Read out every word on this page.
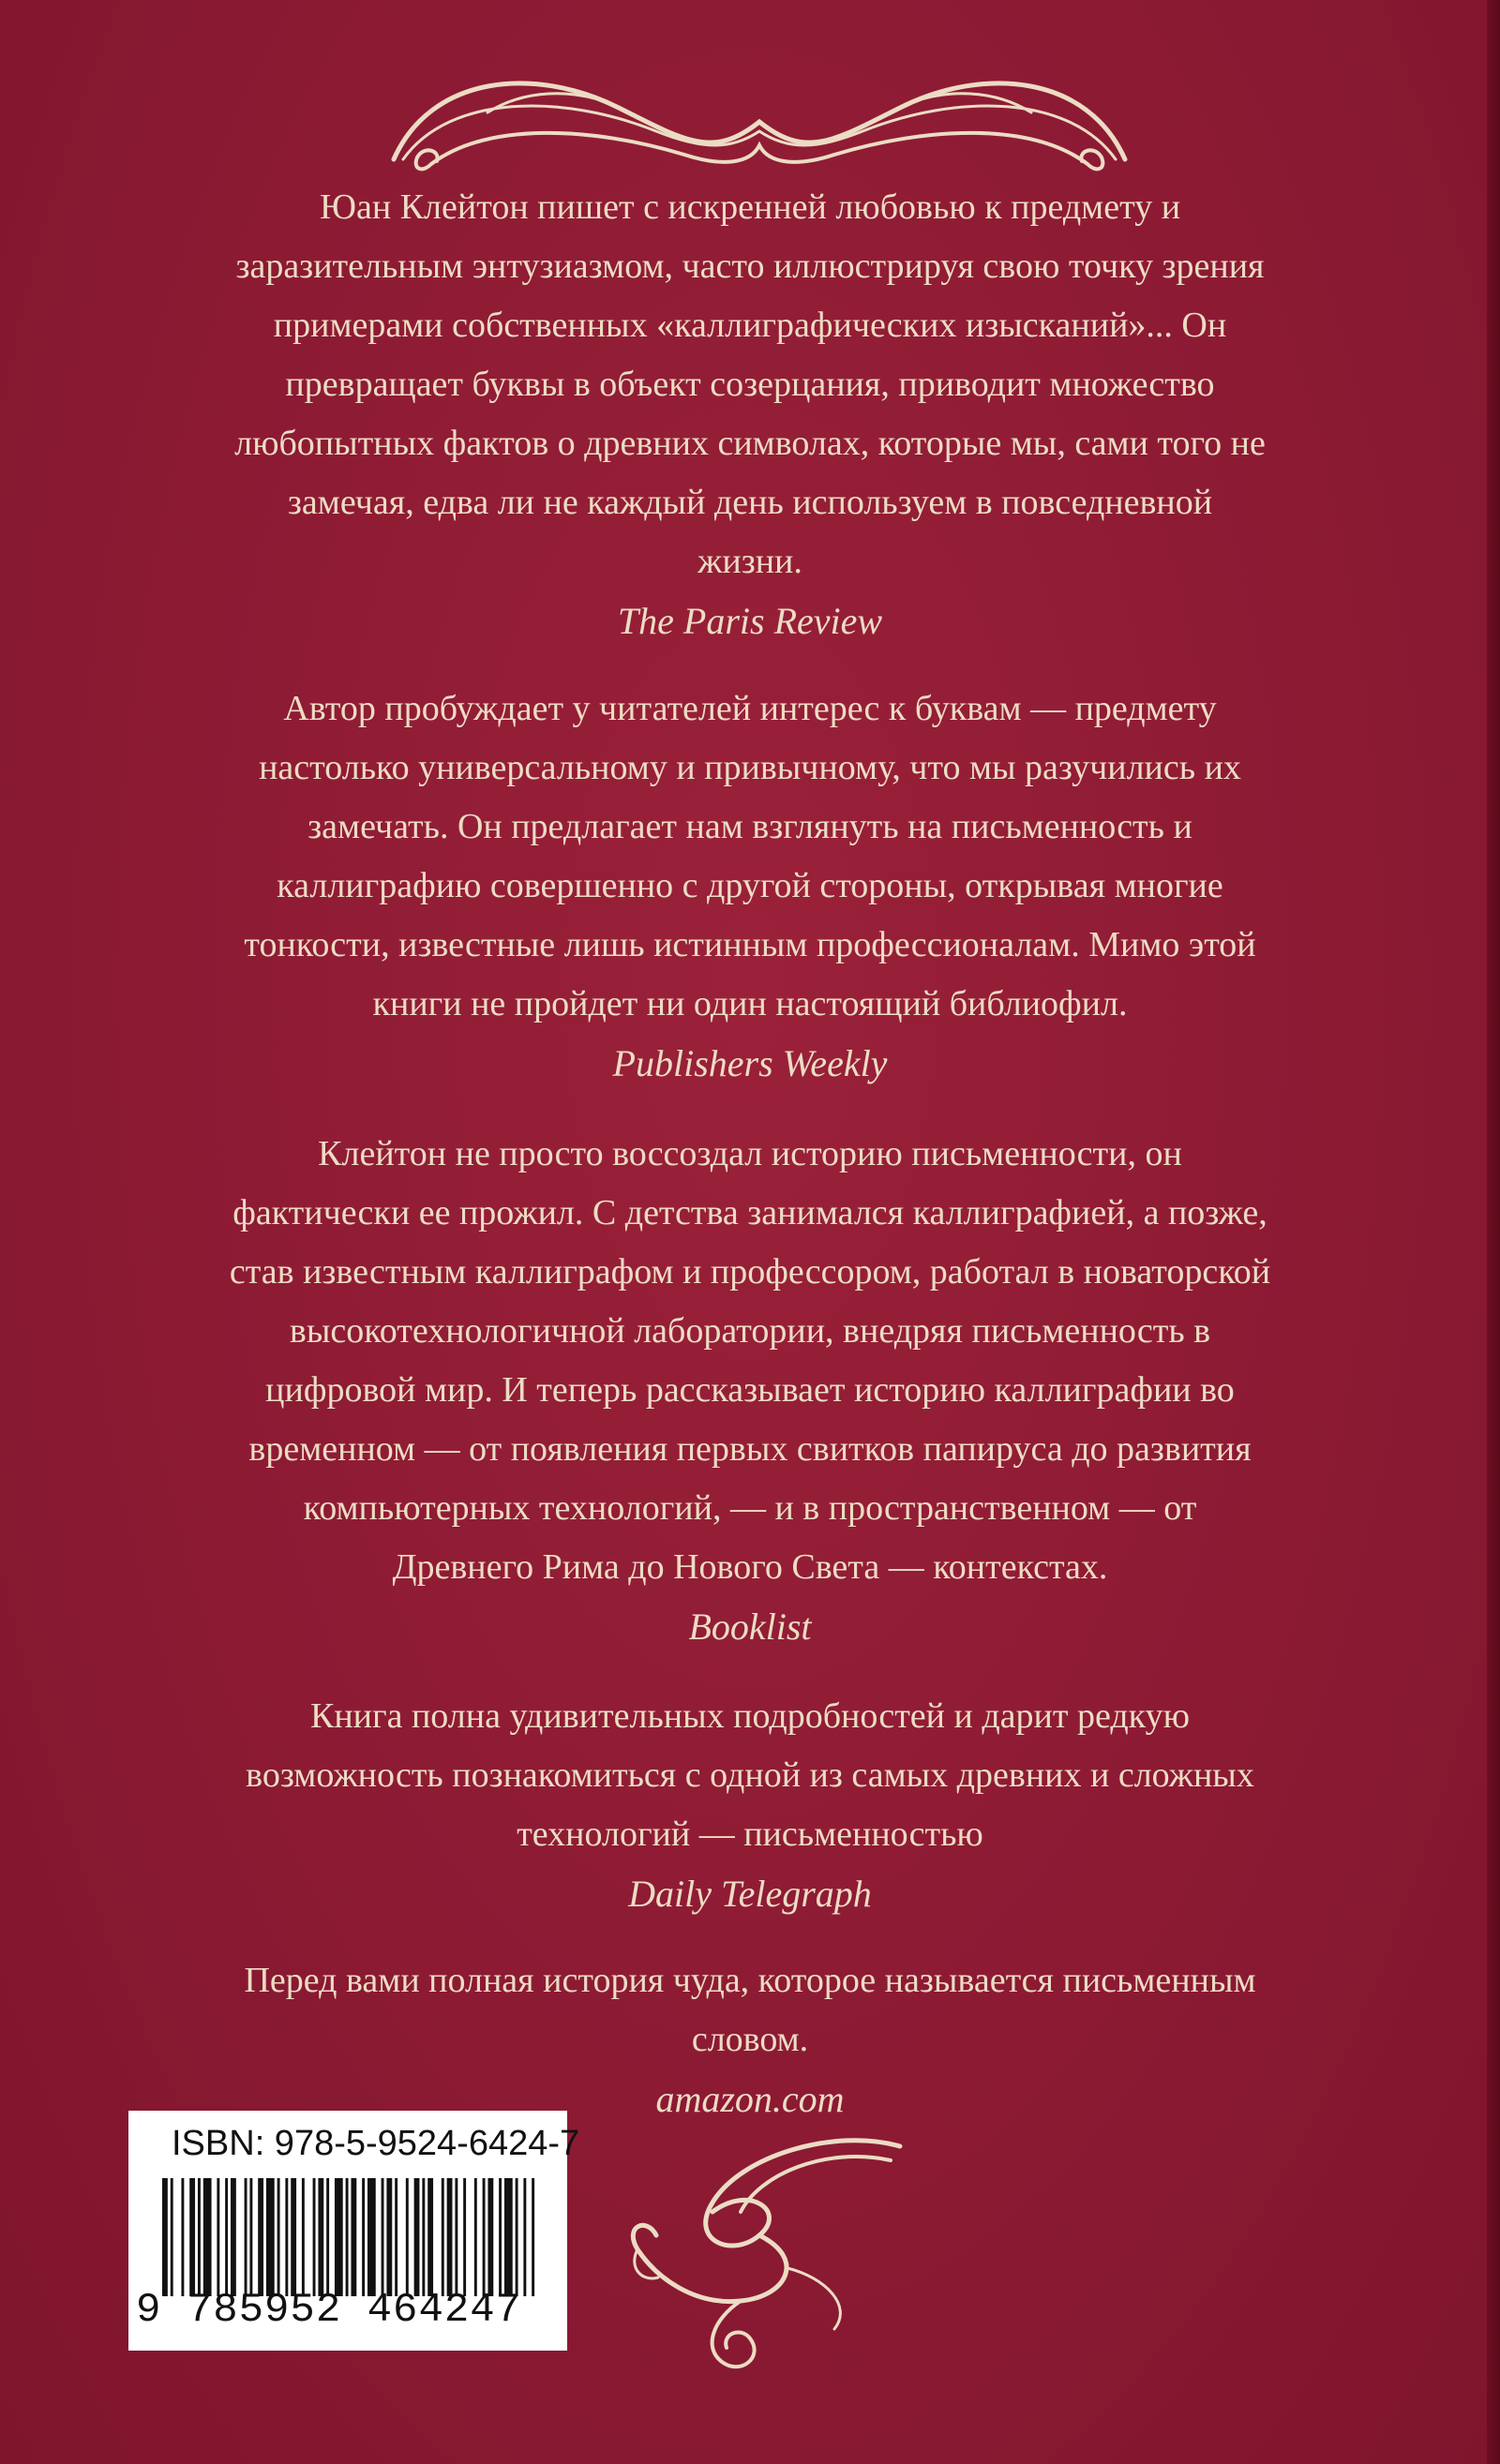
Юан Клейтон пишет с искренней любовью к предмету и
заразительным энтузиазмом, часто иллюстрируя свою точку зрения
примерами собственных «каллиграфических изысканий»... Он
превращает буквы в объект созерцания, приводит множество
любопытных фактов о древних символах, которые мы, сами того не
замечая, едва ли не каждый день используем в повседневной
жизни.

The Paris Review

Автор пробуждает у читателей интерес к буквам — предмету
настолько универсальному и привычному, что мы разучились их
замечать. Он предлагает нам взглянуть на письменность и
каллиграфию совершенно с другой стороны, открывая многие
тонкости, известные лишь истинным профессионалам. Мимо этой
книги не пройдет ни один настоящий библиофил.

Publishers Weekly

Клейтон не просто воссоздал историю письменности, он
фактически ее прожил. С детства занимался каллиграфией, а позже,
став известным каллиграфом и профессором, работал в новаторской
высокотехнологичной лаборатории, внедряя письменность в
цифровой мир. И теперь рассказывает историю каллиграфии во
временном — от появления первых свитков папируса до развития
компьютерных технологий, — и в пространственном — от
Древнего Рима до Нового Света — контекстах.

Booklist

Книга полна удивительных подробностей и дарит редкую
возможность познакомиться с одной из самых древних и сложных
технологий — письменностью

Daily Telegraph

Перед вами полная история чуда, которое называется письменным
словом.

amazon.com

ISBN: 978-5-9524-6424-7
9 785952 464247
